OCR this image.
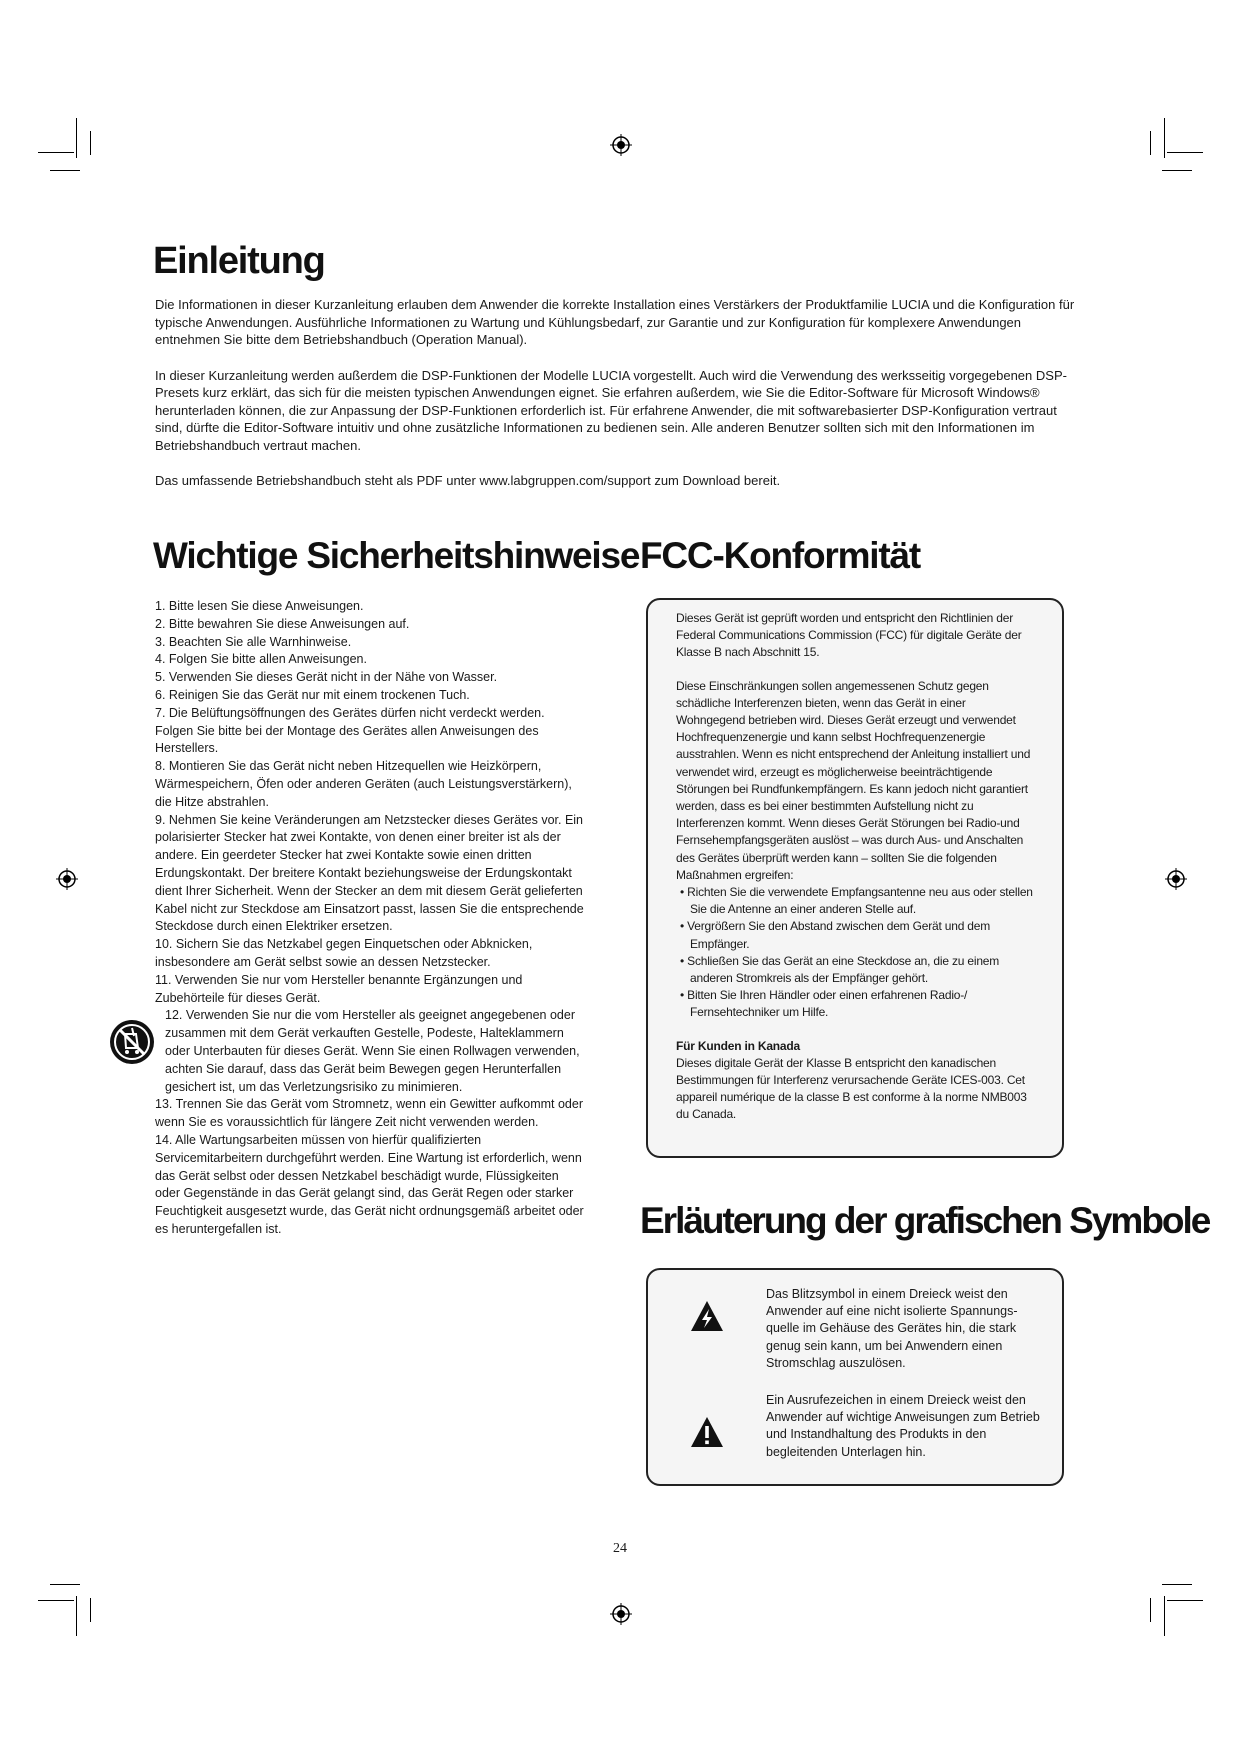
Einleitung

Die Informationen in dieser Kurzanleitung erlauben dem Anwender die korrekte Installation eines Verstärkers der Produktfamilie LUCIA und die Konfiguration für typische Anwendungen. Ausführliche Informationen zu Wartung und Kühlungsbedarf, zur Garantie und zur Konfiguration für komplexere Anwendungen entnehmen Sie bitte dem Betriebshandbuch (Operation Manual).

In dieser Kurzanleitung werden außerdem die DSP-Funktionen der Modelle LUCIA vorgestellt. Auch wird die Verwendung des werksseitig vorgegebenen DSP-Presets kurz erklärt, das sich für die meisten typischen Anwendungen eignet. Sie erfahren außerdem, wie Sie die Editor-Software für Microsoft Windows® herunterladen können, die zur Anpassung der DSP-Funktionen erforderlich ist. Für erfahrene Anwender, die mit softwarebasierter DSP-Konfiguration vertraut sind, dürfte die Editor-Software intuitiv und ohne zusätzliche Informationen zu bedienen sein. Alle anderen Benutzer sollten sich mit den Informationen im Betriebshandbuch vertraut machen.

Das umfassende Betriebshandbuch steht als PDF unter www.labgruppen.com/support zum Download bereit.

Wichtige Sicherheitshinweise
1. Bitte lesen Sie diese Anweisungen.
2. Bitte bewahren Sie diese Anweisungen auf.
3. Beachten Sie alle Warnhinweise.
4. Folgen Sie bitte allen Anweisungen.
5. Verwenden Sie dieses Gerät nicht in der Nähe von Wasser.
6. Reinigen Sie das Gerät nur mit einem trockenen Tuch.
7. Die Belüftungsöffnungen des Gerätes dürfen nicht verdeckt werden. Folgen Sie bitte bei der Montage des Gerätes allen Anweisungen des Herstellers.
8. Montieren Sie das Gerät nicht neben Hitzequellen wie Heizkörpern, Wärmespeichern, Öfen oder anderen Geräten (auch Leistungsverstärkern), die Hitze abstrahlen.
9. Nehmen Sie keine Veränderungen am Netzstecker dieses Gerätes vor. Ein polarisierter Stecker hat zwei Kontakte, von denen einer breiter ist als der andere. Ein geerdeter Stecker hat zwei Kontakte sowie einen dritten Erdungskontakt. Der breitere Kontakt beziehungsweise der Erdungskontakt dient Ihrer Sicherheit. Wenn der Stecker an dem mit diesem Gerät gelieferten Kabel nicht zur Steckdose am Einsatzort passt, lassen Sie die entsprechende Steckdose durch einen Elektriker ersetzen.
10. Sichern Sie das Netzkabel gegen Einquetschen oder Abknicken, insbesondere am Gerät selbst sowie an dessen Netzstecker.
11. Verwenden Sie nur vom Hersteller benannte Ergänzungen und Zubehörteile für dieses Gerät.
12. Verwenden Sie nur die vom Hersteller als geeignet angegebenen oder zusammen mit dem Gerät verkauften Gestelle, Podeste, Halteklammern oder Unterbauten für dieses Gerät. Wenn Sie einen Rollwagen verwenden, achten Sie darauf, dass das Gerät beim Bewegen gegen Herunterfallen gesichert ist, um das Verletzungsrisiko zu minimieren.
13. Trennen Sie das Gerät vom Stromnetz, wenn ein Gewitter aufkommt oder wenn Sie es voraussichtlich für längere Zeit nicht verwenden werden.
14. Alle Wartungsarbeiten müssen von hierfür qualifizierten Servicemitarbeitern durchgeführt werden. Eine Wartung ist erforderlich, wenn das Gerät selbst oder dessen Netzkabel beschädigt wurde, Flüssigkeiten oder Gegenstände in das Gerät gelangt sind, das Gerät Regen oder starker Feuchtigkeit ausgesetzt wurde, das Gerät nicht ordnungsgemäß arbeitet oder es heruntergefallen ist.
FCC-Konformität

Dieses Gerät ist geprüft worden und entspricht den Richtlinien der Federal Communications Commission (FCC) für digitale Geräte der Klasse B nach Abschnitt 15.

Diese Einschränkungen sollen angemessenen Schutz gegen schädliche Interferenzen bieten, wenn das Gerät in einer Wohngegend betrieben wird. Dieses Gerät erzeugt und verwendet Hochfrequenzenergie und kann selbst Hochfrequenzenergie ausstrahlen. Wenn es nicht entsprechend der Anleitung installiert und verwendet wird, erzeugt es möglicherweise beeinträchtigende Störungen bei Rundfunkempfängern. Es kann jedoch nicht garantiert werden, dass es bei einer bestimmten Aufstellung nicht zu Interferenzen kommt. Wenn dieses Gerät Störungen bei Radio-und Fernsehempfangsgeräten auslöst – was durch Aus- und Anschalten des Gerätes überprüft werden kann – sollten Sie die folgenden Maßnahmen ergreifen:

• Richten Sie die verwendete Empfangsantenne neu aus oder stellen Sie die Antenne an einer anderen Stelle auf.
• Vergrößern Sie den Abstand zwischen dem Gerät und dem Empfänger.
• Schließen Sie das Gerät an eine Steckdose an, die zu einem anderen Stromkreis als der Empfänger gehört.
• Bitten Sie Ihren Händler oder einen erfahrenen Radio-/ Fernsehtechniker um Hilfe.
Für Kunden in Kanada

Dieses digitale Gerät der Klasse B entspricht den kanadischen Bestimmungen für Interferenz verursachende Geräte ICES-003. Cet appareil numérique de la classe B est conforme à la norme NMB003 du Canada.

Erläuterung der grafischen Symbole
Das Blitzsymbol in einem Dreieck weist den Anwender auf eine nicht isolierte Spannungs-quelle im Gehäuse des Gerätes hin, die stark genug sein kann, um bei Anwendern einen Stromschlag auszulösen.
Ein Ausrufezeichen in einem Dreieck weist den Anwender auf wichtige Anweisungen zum Betrieb und Instandhaltung des Produkts in den begleitenden Unterlagen hin.
24
